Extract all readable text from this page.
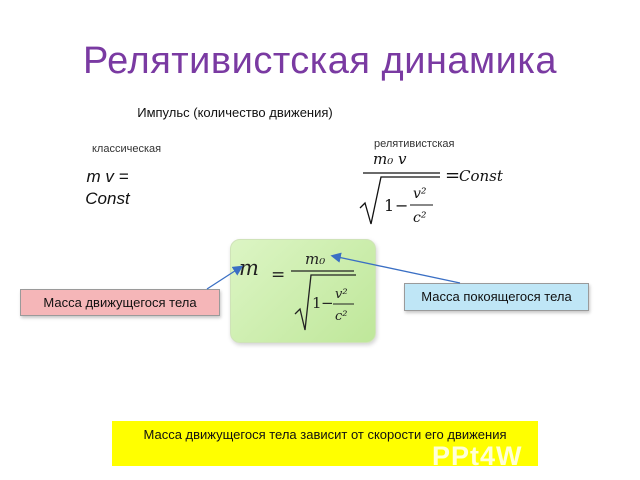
Релятивистская динамика
Импульс (количество движения)
классическая
m v =
Const
релятивистская
m₀ v
1 −
v²
c²
=
Const
m =
m₀
1 − v²
c²
Масса движущегося тела	Масса покоящегося тела
Масса движущегося тела зависит от скорости его движения
PPt4W
